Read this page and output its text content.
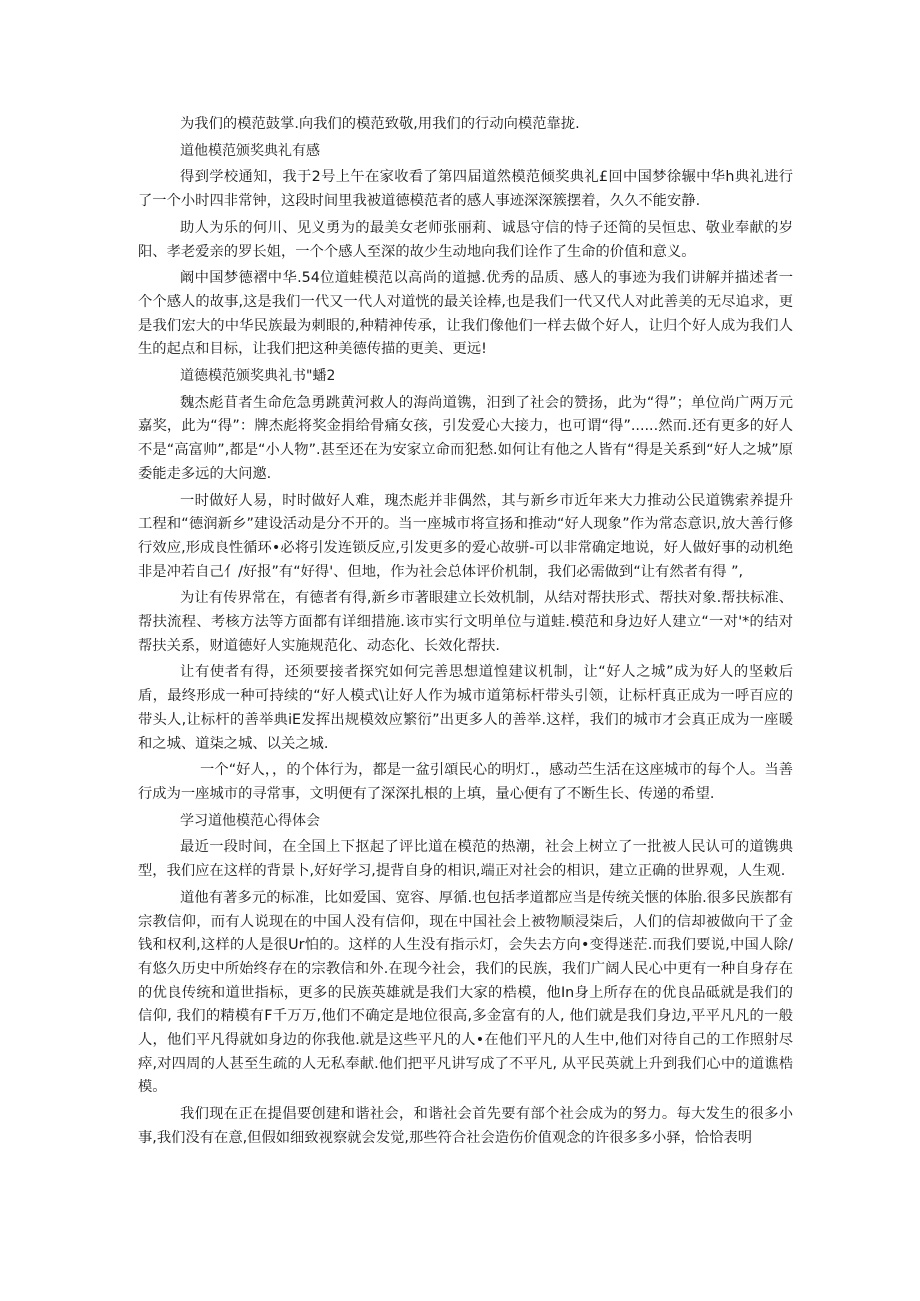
为我们的模范鼓掌.向我们的模范致敬,用我们的行动向模范靠拢.

道他模范颁奖典礼有感

得到学校通知，我于2号上午在家收看了第四届道然模范倾奖典礼£回中国梦徐辗中华h典礼进行了一个小时四非常钟，这段时间里我被道德模范者的感人事迹深深簇摆着，久久不能安静.

助人为乐的何川、见义勇为的最美女老师张丽莉、诚恳守信的恃子还简的吴恒忠、敬业奉献的岁阳、孝老爱亲的罗长姐，一个个感人至深的故少生动地向我们诠作了生命的价值和意义。

阚中国梦德褶中华.54位道蛙模范以高尚的道撼.优秀的品质、感人的事迹为我们讲解并描述者一个个感人的故事,这是我们一代又一代人对道恍的最关诠棒,也是我们一代又代人对此善美的无尽追求，更是我们宏大的中华民族最为刺眼的,种精神传承，让我们像他们一样去做个好人，让归个好人成为我们人生的起点和目标，让我们把这种美德传描的更美、更远!

道德模范颁奖典礼书"蟠2

魏杰彪苜者生命危急勇跳黄河救人的海尚道镌，汨到了社会的赞扬，此为“得”；单位尚广两万元嘉奖，此为“得”：牌杰彪将奖金捐给骨痛女孩，引发爱心大接力，也可谓“得”......然而.还有更多的好人不是“高富帅”,都是“小人物”.甚至还在为安家立命而犯愁.如何让有他之人皆有“得是关系到“好人之城”原委能走多远的大问邀.

一时做好人易，时时做好人难，瑰杰彪并非偶然，其与新乡市近年来大力推动公民道镌索养提升工程和“德润新乡”建设活动是分不开的。当一座城市将宣扬和推动“好人现象”作为常态意识,放大善行修行效应,形成良性循环•必将引发连锁反应,引发更多的爱心故骈-可以非常确定地说，好人做好事的动机绝非是冲若自己亻/好报”有“好得'、但地，作为社会总体评价机制，我们必需做到“让有然者有得 ”,

为让有传界常在，有德者有得,新乡市著眼建立长效机制，从结对帮扶形式、帮扶对象.帮扶标准、帮扶流程、考核方法等方面都有详细措施.该市实行文明单位与道蛙.模范和身边好人建立“一对'*的结对帮扶关系，财道德好人实施规范化、动态化、长效化帮扶.

让有使者有得，还须要接者探究如何完善思想道惶建议机制，让“好人之城”成为好人的坚敕后盾，最终形成一种可持续的“好人模式\让好人作为城市道第标杆带头引领，让标杆真正成为一呼百应的带头人,让标杆的善举典iE发挥出规模效应繁衍”出更多人的善举.这样，我们的城市才会真正成为一座暖和之城、道柒之城、以关之城.

一个“好人，，的个体行为，都是一盆引頌民心的明灯.，感动苎生活在这座城市的每个人。当善行成为一座城市的寻常事，文明便有了深深扎根的上填，量心便有了不断生长、传递的希望.

学习道他模范心得体会

最近一段时间，在全国上下抠起了评比道在模范的热潮，社会上树立了一批被人民认可的道镌典型，我们应在这样的背景卜,好好学习,提背自身的相识,端正对社会的相识，建立正确的世界观，人生观.

道他有著多元的标准，比如爱国、宽容、厚循.也包括孝道都应当是传统关惬的体胎.很多民族都有宗教信仰，而有人说现在的中国人没有信仰，现在中国社会上被物顺浸柒后，人们的信却被做向干了金钱和权利,这样的人是很Ur怕的。这样的人生没有指示灯，会失去方向•变得迷茫.而我们要说,中国人除/有悠久历史中所始终存在的宗教信和外.在现今社会，我们的民族，我们广阔人民心中更有一种自身存在的优良传统和道世指标，更多的民族英雄就是我们大家的梏模，他In身上所存在的优良品砥就是我们的信仰, 我们的精模有F千万万,他们不确定是地位很高,多金富有的人, 他们就是我们身边,平平凡凡的一般人，他们平凡得就如身边的你我他.就是这些平凡的人•在他们平凡的人生中,他们对待自己的工作照射尽瘁,对四周的人甚至生疏的人无私奉献.他们把平凡讲写成了不平凡, 从平民英就上升到我们心中的道谯梏模。

我们现在正在提倡要创建和谐社会，和谐社会首先要有部个社会成为的努力。每大发生的很多小事,我们没有在意,但假如细致视察就会发觉,那些符合社会造伤价值观念的许很多多小驿，恰恰表明
